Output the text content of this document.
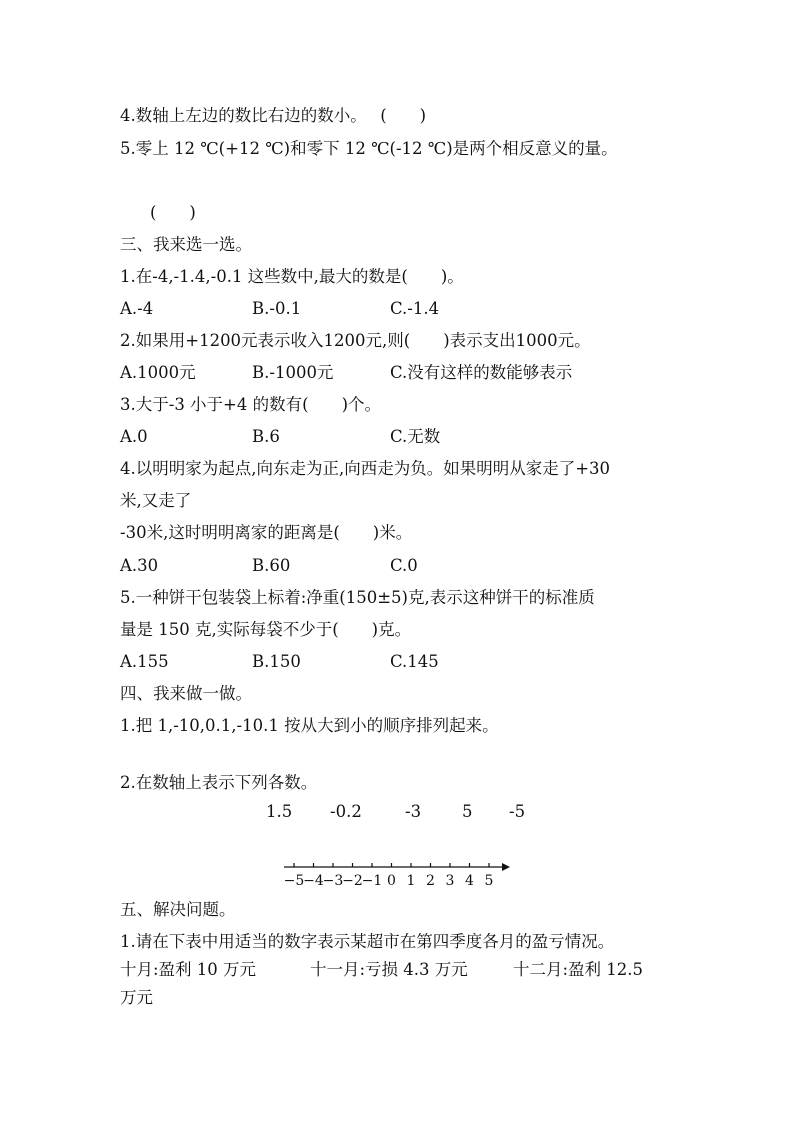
4.数轴上左边的数比右边的数小。　 (　　)
5.零上 12 ℃(+12 ℃)和零下 12 ℃(-12 ℃)是两个相反意义的量。
(　　)
三、我来选一选。
1.在-4,-1.4,-0.1 这些数中,最大的数是(　　)。
A.-4	B.-0.1	C.-1.4
2.如果用+1200元表示收入1200元,则(　　)表示支出1000元。
A.1000元	B.-1000元	C.没有这样的数能够表示
3.大于-3 小于+4 的数有(　　)个。
A.0	B.6	C.无数
4.以明明家为起点,向东走为正,向西走为负。如果明明从家走了+30
米,又走了
-30米,这时明明离家的距离是(　　)米。
A.30	B.60	C.0
5.一种饼干包装袋上标着:净重(150±5)克,表示这种饼干的标准质
量是 150 克,实际每袋不少于(　　)克。
A.155	B.150	C.145
四、我来做一做。
1.把 1,-10,0.1,-10.1 按从大到小的顺序排列起来。
2.在数轴上表示下列各数。
1.5 -0.2	-3 5 -5
−5
−4
−3
−2
−1 0 1 2 3 4 5
五、解决问题。
1.请在下表中用适当的数字表示某超市在第四季度各月的盈亏情况。
十月:盈利 10 万元	十一月:亏损 4.3 万元	十二月:盈利 12.5
万元
